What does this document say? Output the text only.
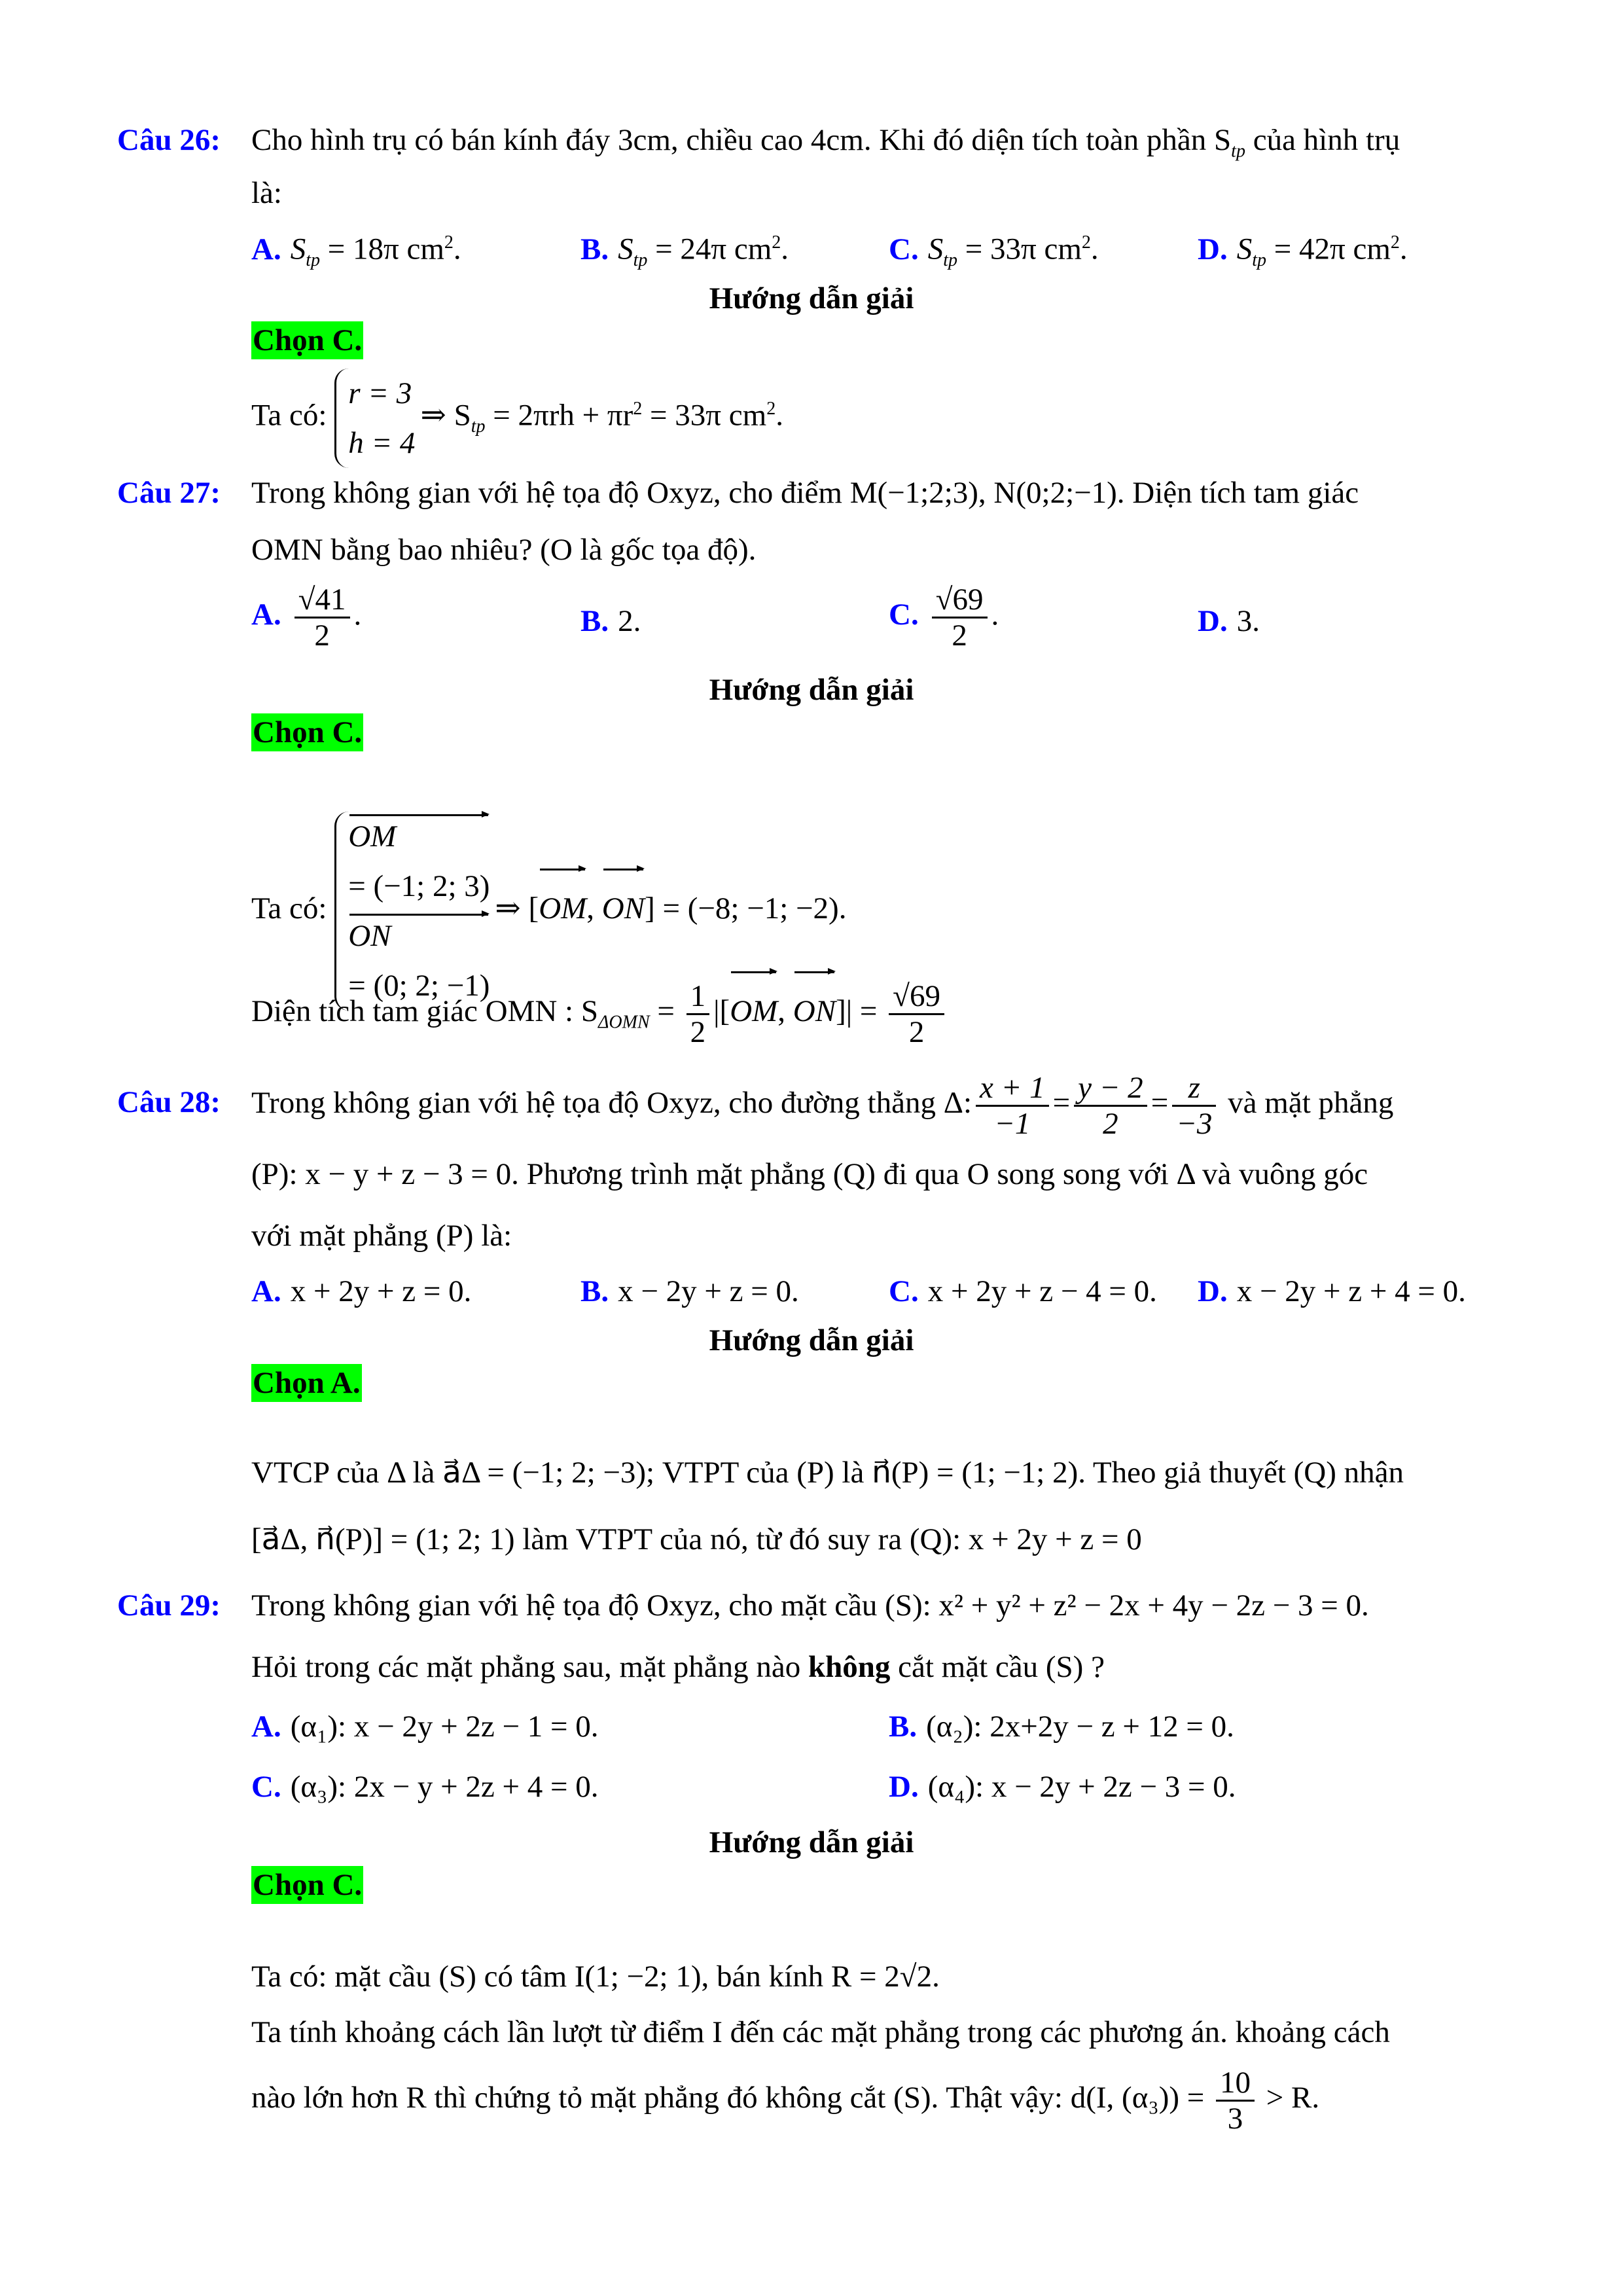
Câu 26: Cho hình trụ có bán kính đáy 3cm, chiều cao 4cm. Khi đó diện tích toàn phần $S_{tp}$ của hình trụ
là:
A. $S_{tp} = 18\pi$ $cm^2$.	B. $S_{tp} = 24\pi$ $cm^2$.	C. $S_{tp} = 33\pi$ $cm^2$.	D. $S_{tp} = 42\pi$ $cm^2$.
Hướng dẫn giải
Chọn C.
Ta có:
r = 3
h = 4
⇒ $S_{tp} = 2\pi rh + \pi r^2 = 33\pi$ $cm^2$.
Câu 27: Trong không gian với hệ tọa độ Oxyz, cho điểm M(−1;2;3), N(0;2;−1). Diện tích tam giác
OMN bằng bao nhiêu? (O là gốc tọa độ).
A. $\frac{√41}{2}$ .	B. 2.	C. $\frac{√69}{2}$ .	D. 3.
Hướng dẫn giải
Chọn C.
Ta có:
OM
= (−1; 2; 3)
ON
= (0; 2; −1)
⇒ [OM, ON] = (−8; −1; −2).
Diện tích tam giác OMN : $S_{\Delta OMN} = \frac{1}{2} |[OM$, $ON]| = \frac{√69}{2}$
Câu 28: Trong không gian với hệ tọa độ Oxyz, cho đường thẳng Δ: $\frac{x + 1}{-1} = \frac{y - 2}{2} = \frac{z}{-3}$ và mặt phẳng
(P): x − y + z − 3 = 0. Phương trình mặt phẳng (Q) đi qua O song song với Δ và vuông góc
với mặt phẳng (P) là:
A. x + 2y + z = 0.	B. x − 2y + z = 0.	C. x + 2y + z − 4 = 0. D. x − 2y + z + 4 = 0.
Hướng dẫn giải
Chọn A.
VTCP của Δ là a⃗Δ = (−1; 2; −3); VTPT của (P) là n⃗(P) = (1; −1; 2). Theo giả thuyết (Q) nhận
[a⃗Δ, n⃗(P)] = (1; 2; 1) làm VTPT của nó, từ đó suy ra (Q): x + 2y + z = 0
Câu 29: Trong không gian với hệ tọa độ Oxyz, cho mặt cầu (S): x² + y² + z² − 2x + 4y − 2z − 3 = 0.
Hỏi trong các mặt phẳng sau, mặt phẳng nào không cắt mặt cầu (S) ?
A. (α₁): x − 2y + 2z − 1 = 0.	B. (α₂): 2x+2y − z + 12 = 0.
C. (α₃): 2x − y + 2z + 4 = 0.	D. (α₄): x − 2y + 2z − 3 = 0.
Hướng dẫn giải
Chọn C.
Ta có: mặt cầu (S) có tâm I(1; −2; 1), bán kính R = 2√2.
Ta tính khoảng cách lần lượt từ điểm I đến các mặt phẳng trong các phương án. khoảng cách
nào lớn hơn R thì chứng tỏ mặt phẳng đó không cắt (S). Thật vậy: d(I, $(\alpha_3)) = \frac{10}{3} > R$.
